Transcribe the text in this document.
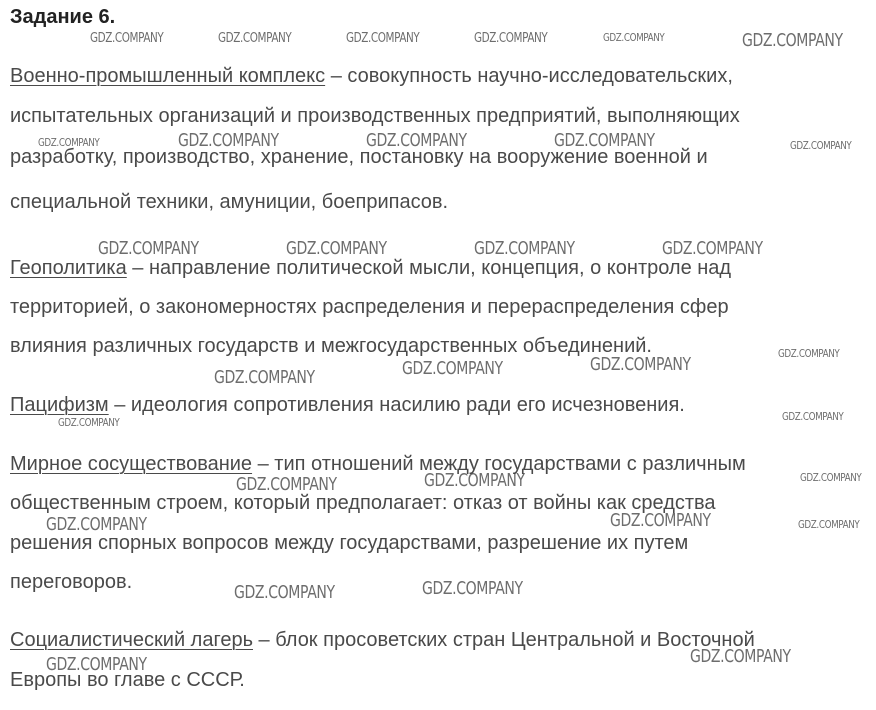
Задание 6.
Военно-промышленный комплекс – совокупность научно-исследовательских,
испытательных организаций и производственных предприятий, выполняющих
разработку, производство, хранение, постановку на вооружение военной и
специальной техники, амуниции, боеприпасов.
Геополитика – направление политической мысли, концепция, о контроле над
территорией, о закономерностях распределения и перераспределения сфер
влияния различных государств и межгосударственных объединений.
Пацифизм – идеология сопротивления насилию ради его исчезновения.
Мирное сосуществование – тип отношений между государствами с различным
общественным строем, который предполагает: отказ от войны как средства
решения спорных вопросов между государствами, разрешение их путем
переговоров.
Социалистический лагерь – блок просоветских стран Центральной и Восточной
Европы во главе с СССР.
GDZ.COMPANY	GDZ.COMPANY	GDZ.COMPANY	GDZ.COMPANY	GDZ.COMPANY	GDZ.COMPANY
GDZ.COMPANY	GDZ.COMPANY	GDZ.COMPANY	GDZ.COMPANY	GDZ.COMPANY
GDZ.COMPANY	GDZ.COMPANY	GDZ.COMPANY	GDZ.COMPANY
GDZ.COMPANY
GDZ.COMPANY	GDZ.COMPANY	GDZ.COMPANY
GDZ.COMPANY	GDZ.COMPANY
GDZ.COMPANY	GDZ.COMPANY	GDZ.COMPANY
GDZ.COMPANY	GDZ.COMPANY	GDZ.COMPANY
GDZ.COMPANY	GDZ.COMPANY
GDZ.COMPANY	GDZ.COMPANY
